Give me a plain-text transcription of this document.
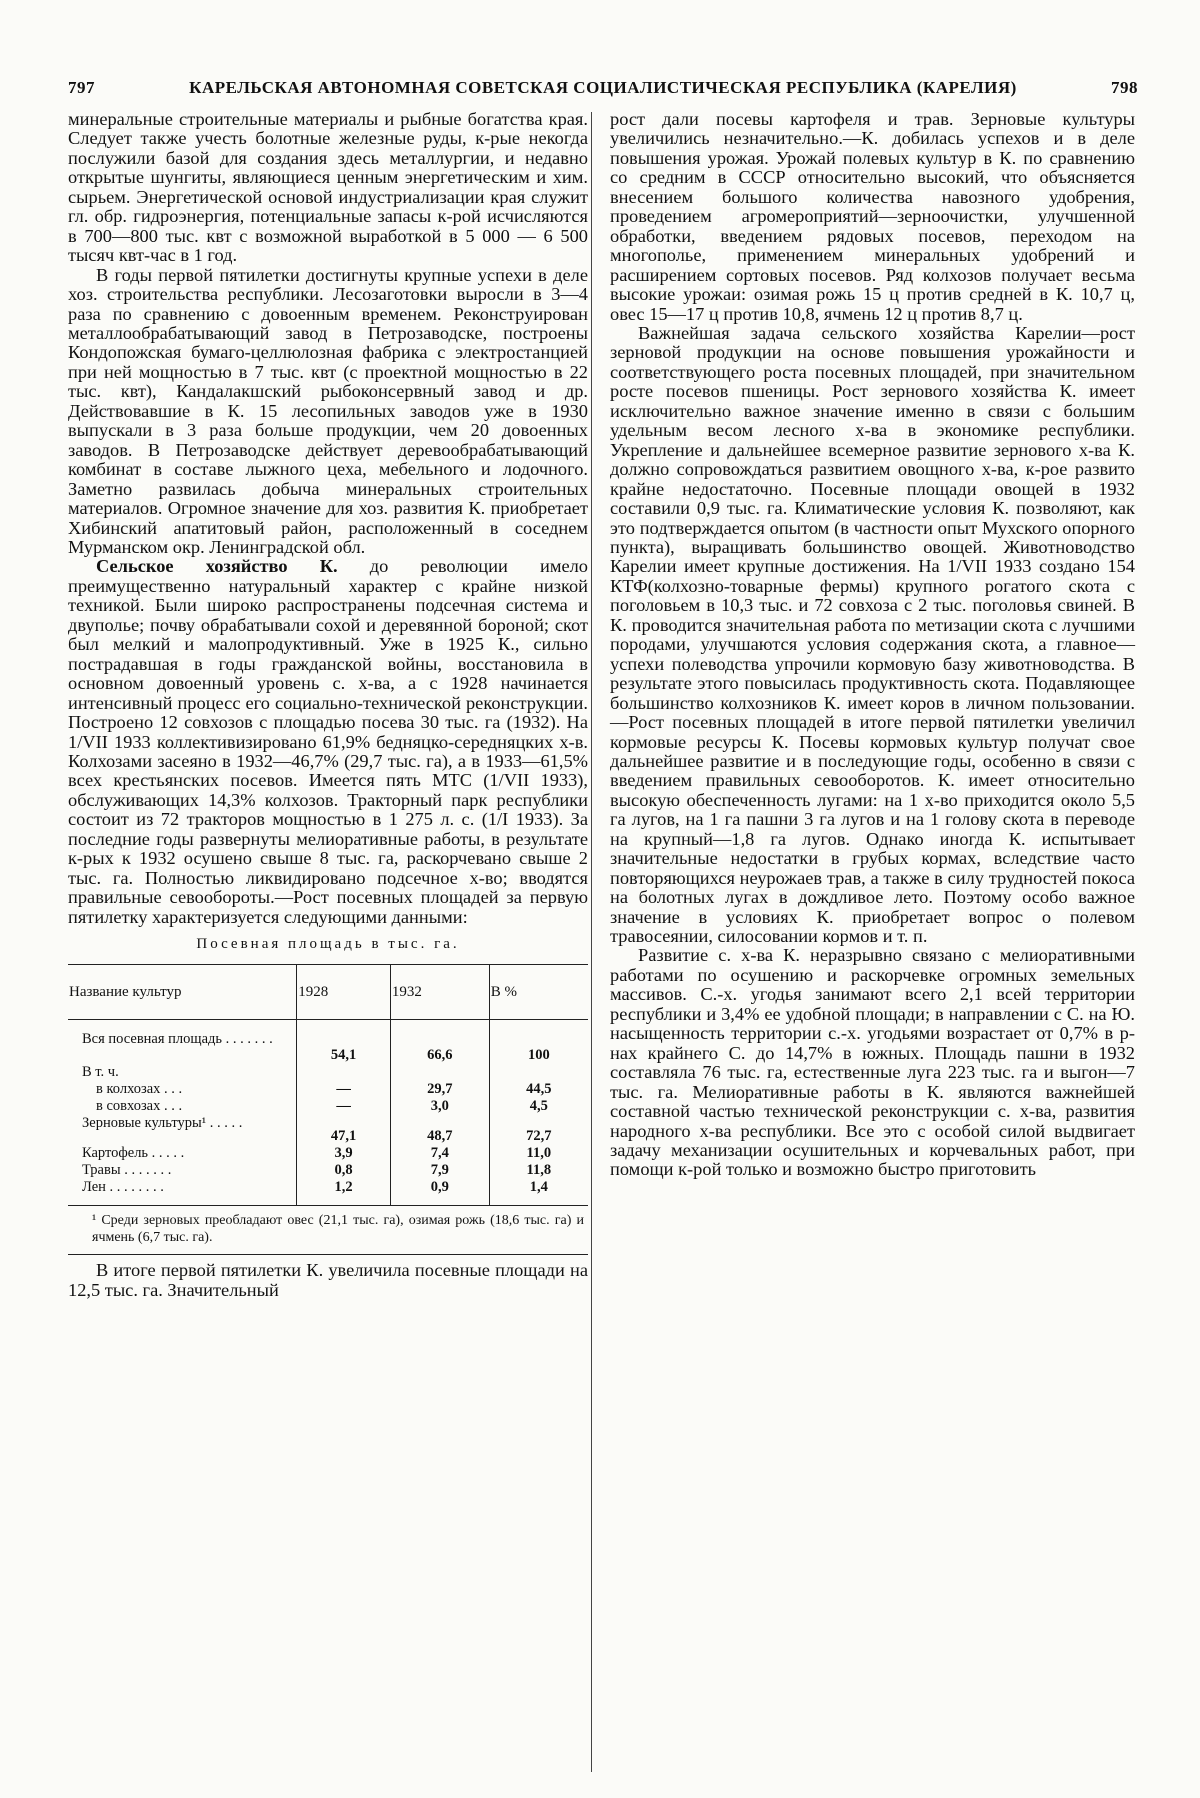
797	КАРЕЛЬСКАЯ АВТОНОМНАЯ СОВЕТСКАЯ СОЦИАЛИСТИЧЕСКАЯ РЕСПУБЛИКА (КАРЕЛИЯ)	798

минеральные строительные материалы и рыбные богатства края. Следует также учесть болотные железные руды, к-рые некогда послужили базой для создания здесь металлургии, и недавно открытые шунгиты, являющиеся ценным энергетическим и хим. сырьем. Энергетической основой индустриализации края служит гл. обр. гидроэнергия, потенциальные запасы к-рой исчисляются в 700—800 тыс. квт с возможной выработкой в 5 000 — 6 500 тысяч квт-час в 1 год.

В годы первой пятилетки достигнуты крупные успехи в деле хоз. строительства республики. Лесозаготовки выросли в 3—4 раза по сравнению с довоенным временем. Реконструирован металлообрабатывающий завод в Петрозаводске, построены Кондопожская бумаго-целлюлозная фабрика с электростанцией при ней мощностью в 7 тыс. квт (с проектной мощностью в 22 тыс. квт), Кандалакшский рыбоконсервный завод и др. Действовавшие в К. 15 лесопильных заводов уже в 1930 выпускали в 3 раза больше продукции, чем 20 довоенных заводов. В Петрозаводске действует деревообрабатывающий комбинат в составе лыжного цеха, мебельного и лодочного. Заметно развилась добыча минеральных строительных материалов. Огромное значение для хоз. развития К. приобретает Хибинский апатитовый район, расположенный в соседнем Мурманском окр. Ленинградской обл.

Сельское хозяйство К. до революции имело преимущественно натуральный характер с крайне низкой техникой. Были широко распространены подсечная система и двуполье; почву обрабатывали сохой и деревянной бороной; скот был мелкий и малопродуктивный. Уже в 1925 К., сильно пострадавшая в годы гражданской войны, восстановила в основном довоенный уровень с. х-ва, а с 1928 начинается интенсивный процесс его социально-технической реконструкции. Построено 12 совхозов с площадью посева 30 тыс. га (1932). На 1/VII 1933 коллективизировано 61,9% бедняцко-середняцких х-в. Колхозами засеяно в 1932—46,7% (29,7 тыс. га), а в 1933—61,5% всех крестьянских посевов. Имеется пять МТС (1/VII 1933), обслуживающих 14,3% колхозов. Тракторный парк республики состоит из 72 тракторов мощностью в 1 275 л. с. (1/I 1933). За последние годы развернуты мелиоративные работы, в результате к-рых к 1932 осушено свыше 8 тыс. га, раскорчевано свыше 2 тыс. га. Полностью ликвидировано подсечное х-во; вводятся правильные севообороты.—Рост посевных площадей за первую пятилетку характеризуется следующими данными:

Посевная площадь в тыс. га.
Название культур	1928	1932	В %
Вся посевная площадь . . . . . . .	54,1	66,6	100
В т. ч.			
в колхозах . . .	—	29,7	44,5
в совхозах . . .	—	3,0	4,5
Зерновые культуры¹ . . . . .	47,1	48,7	72,7
Картофель . . . . .	3,9	7,4	11,0
Травы . . . . . . .	0,8	7,9	11,8
Лен . . . . . . . .	1,2	0,9	1,4
¹ Среди зерновых преобладают овес (21,1 тыс. га), озимая рожь (18,6 тыс. га) и ячмень (6,7 тыс. га).

В итоге первой пятилетки К. увеличила посевные площади на 12,5 тыс. га. Значительный

рост дали посевы картофеля и трав. Зерновые культуры увеличились незначительно.—К. добилась успехов и в деле повышения урожая. Урожай полевых культур в К. по сравнению со средним в СССР относительно высокий, что объясняется внесением большого количества навозного удобрения, проведением агромероприятий—зерноочистки, улучшенной обработки, введением рядовых посевов, переходом на многополье, применением минеральных удобрений и расширением сортовых посевов. Ряд колхозов получает весьма высокие урожаи: озимая рожь 15 ц против средней в К. 10,7 ц, овес 15—17 ц против 10,8, ячмень 12 ц против 8,7 ц.

Важнейшая задача сельского хозяйства Карелии—рост зерновой продукции на основе повышения урожайности и соответствующего роста посевных площадей, при значительном росте посевов пшеницы. Рост зернового хозяйства К. имеет исключительно важное значение именно в связи с большим удельным весом лесного х-ва в экономике республики. Укрепление и дальнейшее всемерное развитие зернового х-ва К. должно сопровождаться развитием овощного х-ва, к-рое развито крайне недостаточно. Посевные площади овощей в 1932 составили 0,9 тыс. га. Климатические условия К. позволяют, как это подтверждается опытом (в частности опыт Мухского опорного пункта), выращивать большинство овощей. Животноводство Карелии имеет крупные достижения. На 1/VII 1933 создано 154 КТФ(колхозно-товарные фермы) крупного рогатого скота с поголовьем в 10,3 тыс. и 72 совхоза с 2 тыс. поголовья свиней. В К. проводится значительная работа по метизации скота с лучшими породами, улучшаются условия содержания скота, а главное—успехи полеводства упрочили кормовую базу животноводства. В результате этого повысилась продуктивность скота. Подавляющее большинство колхозников К. имеет коров в личном пользовании.—Рост посевных площадей в итоге первой пятилетки увеличил кормовые ресурсы К. Посевы кормовых культур получат свое дальнейшее развитие и в последующие годы, особенно в связи с введением правильных севооборотов. К. имеет относительно высокую обеспеченность лугами: на 1 х-во приходится около 5,5 га лугов, на 1 га пашни 3 га лугов и на 1 голову скота в переводе на крупный—1,8 га лугов. Однако иногда К. испытывает значительные недостатки в грубых кормах, вследствие часто повторяющихся неурожаев трав, а также в силу трудностей покоса на болотных лугах в дождливое лето. Поэтому особо важное значение в условиях К. приобретает вопрос о полевом травосеянии, силосовании кормов и т. п.

Развитие с. х-ва К. неразрывно связано с мелиоративными работами по осушению и раскорчевке огромных земельных массивов. С.-х. угодья занимают всего 2,1 всей территории республики и 3,4% ее удобной площади; в направлении с С. на Ю. насыщенность территории с.-х. угодьями возрастает от 0,7% в р-нах крайнего С. до 14,7% в южных. Площадь пашни в 1932 составляла 76 тыс. га, естественные луга 223 тыс. га и выгон—7 тыс. га. Мелиоративные работы в К. являются важнейшей составной частью технической реконструкции с. х-ва, развития народного х-ва республики. Все это с особой силой выдвигает задачу механизации осушительных и корчевальных работ, при помощи к-рой только и возможно быстро приготовить
